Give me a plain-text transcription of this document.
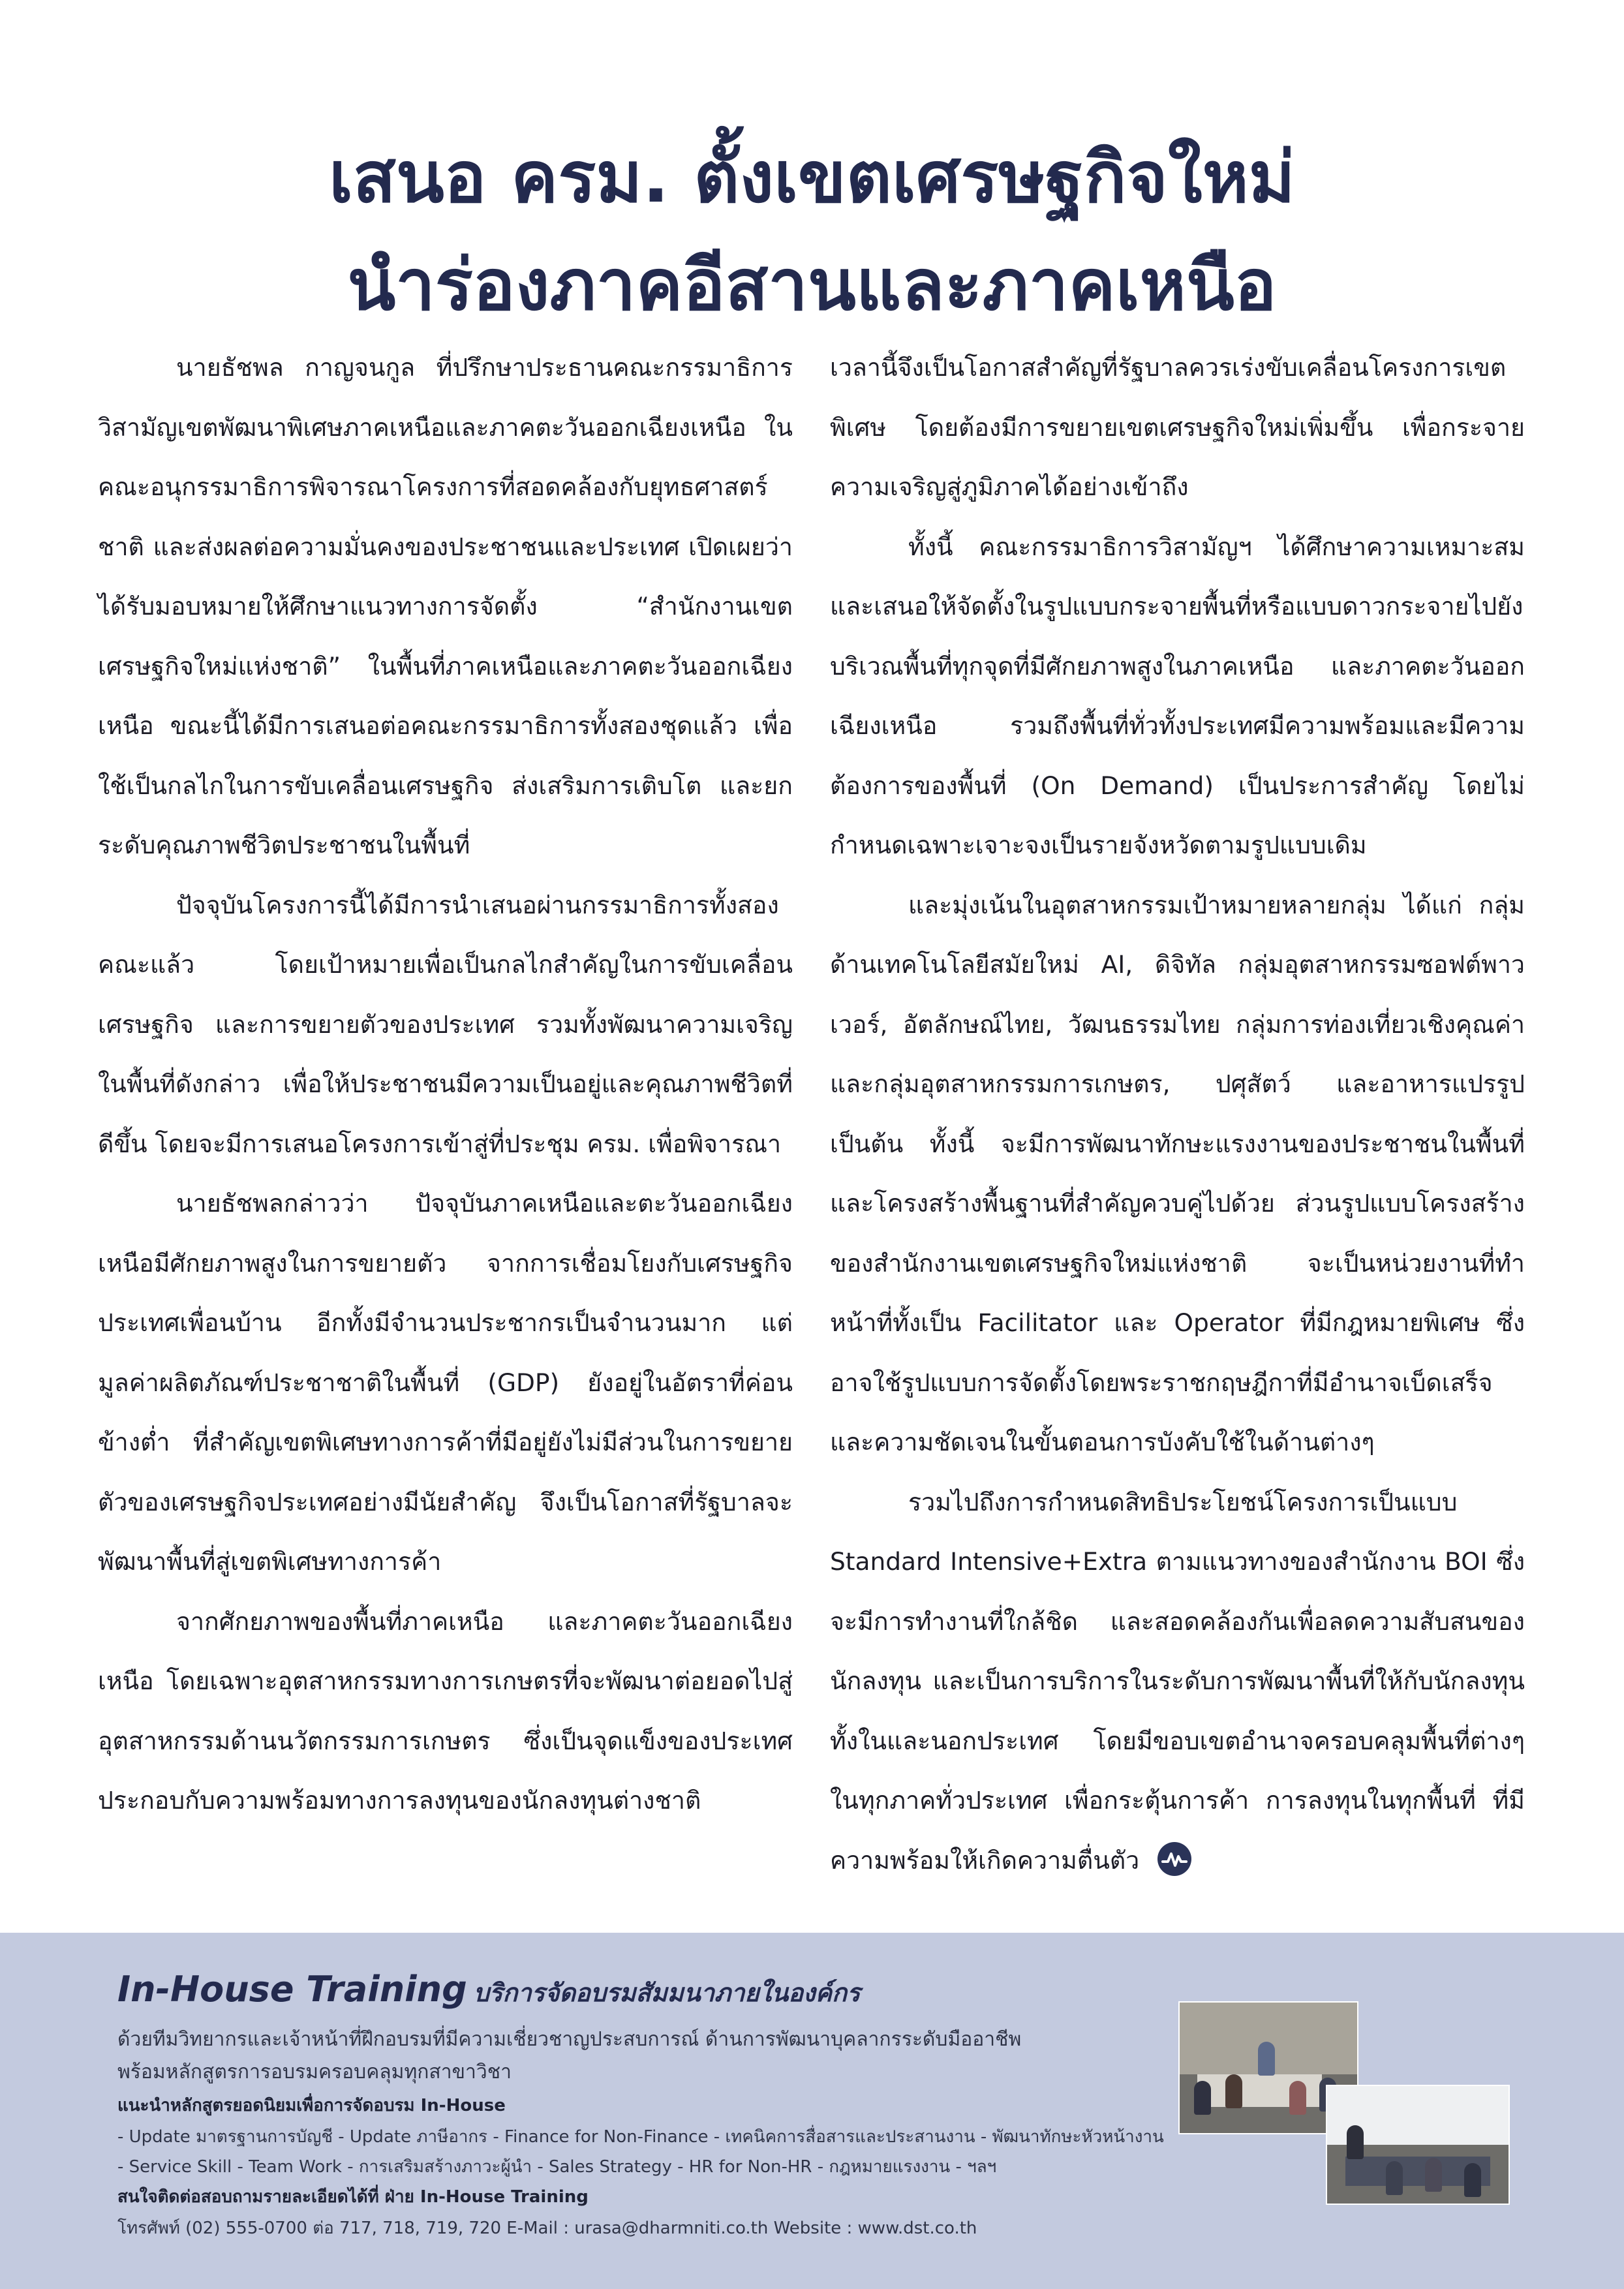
เสนอ ครม. ตั้งเขตเศรษฐกิจใหม่
นำร่องภาคอีสานและภาคเหนือ

นายธัชพล กาญจนกูล ที่ปรึกษาประธานคณะกรรมาธิการวิสามัญเขตพัฒนาพิเศษภาคเหนือและภาคตะวันออกเฉียงเหนือ ในคณะอนุกรรมาธิการพิจารณาโครงการที่สอดคล้องกับยุทธศาสตร์ชาติ และส่งผลต่อความมั่นคงของประชาชนและประเทศ เปิดเผยว่า ได้รับมอบหมายให้ศึกษาแนวทางการจัดตั้ง “สำนักงานเขตเศรษฐกิจใหม่แห่งชาติ” ในพื้นที่ภาคเหนือและภาคตะวันออกเฉียงเหนือ ขณะนี้ได้มีการเสนอต่อคณะกรรมาธิการทั้งสองชุดแล้ว เพื่อใช้เป็นกลไกในการขับเคลื่อนเศรษฐกิจ ส่งเสริมการเติบโต และยกระดับคุณภาพชีวิตประชาชนในพื้นที่

ปัจจุบันโครงการนี้ได้มีการนำเสนอผ่านกรรมาธิการทั้งสองคณะแล้ว โดยเป้าหมายเพื่อเป็นกลไกสำคัญในการขับเคลื่อนเศรษฐกิจ และการขยายตัวของประเทศ รวมทั้งพัฒนาความเจริญในพื้นที่ดังกล่าว เพื่อให้ประชาชนมีความเป็นอยู่และคุณภาพชีวิตที่ดีขึ้น โดยจะมีการเสนอโครงการเข้าสู่ที่ประชุม ครม. เพื่อพิจารณา

นายธัชพลกล่าวว่า ปัจจุบันภาคเหนือและตะวันออกเฉียงเหนือมีศักยภาพสูงในการขยายตัว จากการเชื่อมโยงกับเศรษฐกิจประเทศเพื่อนบ้าน อีกทั้งมีจำนวนประชากรเป็นจำนวนมาก แต่มูลค่าผลิตภัณฑ์ประชาชาติในพื้นที่ (GDP) ยังอยู่ในอัตราที่ค่อนข้างต่ำ ที่สำคัญเขตพิเศษทางการค้าที่มีอยู่ยังไม่มีส่วนในการขยายตัวของเศรษฐกิจประเทศอย่างมีนัยสำคัญ จึงเป็นโอกาสที่รัฐบาลจะพัฒนาพื้นที่สู่เขตพิเศษทางการค้า

จากศักยภาพของพื้นที่ภาคเหนือ และภาคตะวันออกเฉียงเหนือ โดยเฉพาะอุตสาหกรรมทางการเกษตรที่จะพัฒนาต่อยอดไปสู่อุตสาหกรรมด้านนวัตกรรมการเกษตร ซึ่งเป็นจุดแข็งของประเทศ ประกอบกับความพร้อมทางการลงทุนของนักลงทุนต่างชาติ

เวลานี้จึงเป็นโอกาสสำคัญที่รัฐบาลควรเร่งขับเคลื่อนโครงการเขตพิเศษ โดยต้องมีการขยายเขตเศรษฐกิจใหม่เพิ่มขึ้น เพื่อกระจายความเจริญสู่ภูมิภาคได้อย่างเข้าถึง

ทั้งนี้ คณะกรรมาธิการวิสามัญฯ ได้ศึกษาความเหมาะสมและเสนอให้จัดตั้งในรูปแบบกระจายพื้นที่หรือแบบดาวกระจายไปยังบริเวณพื้นที่ทุกจุดที่มีศักยภาพสูงในภาคเหนือ และภาคตะวันออกเฉียงเหนือ รวมถึงพื้นที่ทั่วทั้งประเทศมีความพร้อมและมีความต้องการของพื้นที่ (On Demand) เป็นประการสำคัญ โดยไม่กำหนดเฉพาะเจาะจงเป็นรายจังหวัดตามรูปแบบเดิม

และมุ่งเน้นในอุตสาหกรรมเป้าหมายหลายกลุ่ม ได้แก่ กลุ่มด้านเทคโนโลยีสมัยใหม่ AI, ดิจิทัล กลุ่มอุตสาหกรรมซอฟต์พาวเวอร์, อัตลักษณ์ไทย, วัฒนธรรมไทย กลุ่มการท่องเที่ยวเชิงคุณค่า และกลุ่มอุตสาหกรรมการเกษตร, ปศุสัตว์ และอาหารแปรรูป เป็นต้น ทั้งนี้ จะมีการพัฒนาทักษะแรงงานของประชาชนในพื้นที่ และโครงสร้างพื้นฐานที่สำคัญควบคู่ไปด้วย ส่วนรูปแบบโครงสร้างของสำนักงานเขตเศรษฐกิจใหม่แห่งชาติ จะเป็นหน่วยงานที่ทำหน้าที่ทั้งเป็น Facilitator และ Operator ที่มีกฎหมายพิเศษ ซึ่งอาจใช้รูปแบบการจัดตั้งโดยพระราชกฤษฎีกาที่มีอำนาจเบ็ดเสร็จ และความชัดเจนในขั้นตอนการบังคับใช้ในด้านต่างๆ

รวมไปถึงการกำหนดสิทธิประโยชน์โครงการเป็นแบบ Standard Intensive+Extra ตามแนวทางของสำนักงาน BOI ซึ่งจะมีการทำงานที่ใกล้ชิด และสอดคล้องกันเพื่อลดความสับสนของนักลงทุน และเป็นการบริการในระดับการพัฒนาพื้นที่ให้กับนักลงทุนทั้งในและนอกประเทศ โดยมีขอบเขตอำนาจครอบคลุมพื้นที่ต่างๆ ในทุกภาคทั่วประเทศ เพื่อกระตุ้นการค้า การลงทุนในทุกพื้นที่ ที่มีความพร้อมให้เกิดความตื่นตัว

In-House Training บริการจัดอบรมสัมมนาภายในองค์กร
ด้วยทีมวิทยากรและเจ้าหน้าที่ฝึกอบรมที่มีความเชี่ยวชาญประสบการณ์ ด้านการพัฒนาบุคลากรระดับมืออาชีพ
พร้อมหลักสูตรการอบรมครอบคลุมทุกสาขาวิชา
แนะนำหลักสูตรยอดนิยมเพื่อการจัดอบรม In-House
- Update มาตรฐานการบัญชี - Update ภาษีอากร - Finance for Non-Finance - เทคนิคการสื่อสารและประสานงาน - พัฒนาทักษะหัวหน้างาน
- Service Skill - Team Work - การเสริมสร้างภาวะผู้นำ - Sales Strategy - HR for Non-HR - กฎหมายแรงงาน - ฯลฯ
สนใจติดต่อสอบถามรายละเอียดได้ที่ ฝ่าย In-House Training
โทรศัพท์ (02) 555-0700 ต่อ 717, 718, 719, 720 E-Mail : urasa@dharmniti.co.th Website : www.dst.co.th
